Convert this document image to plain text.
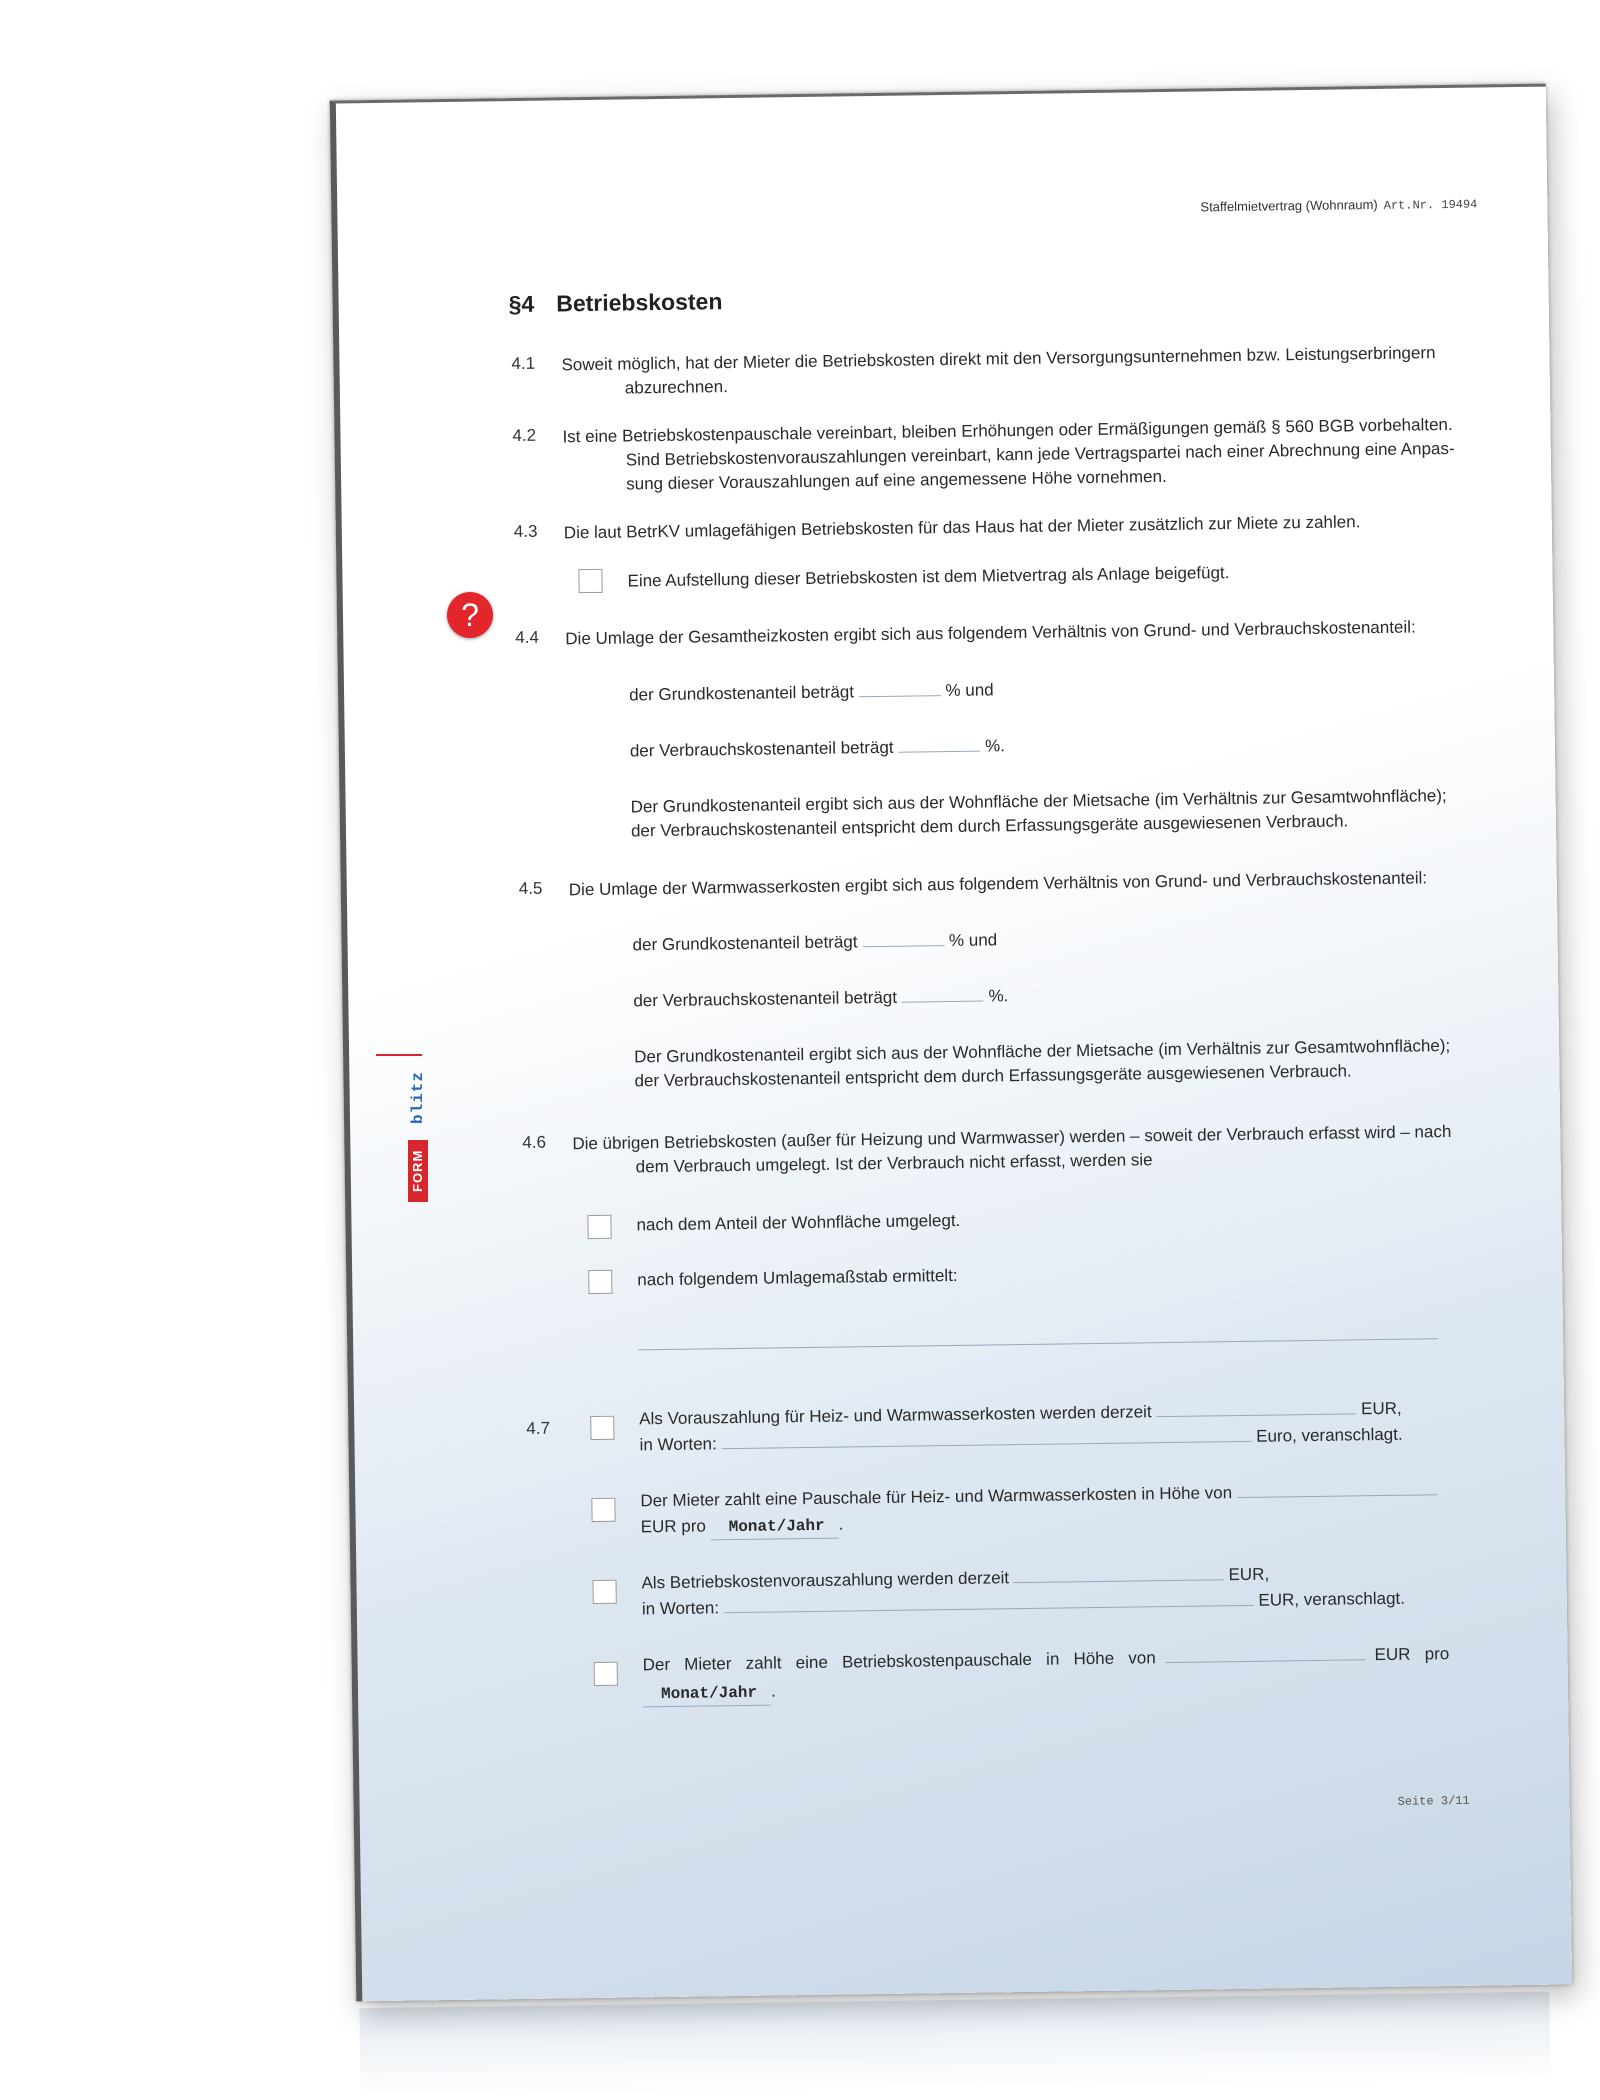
Staffelmietvertrag (Wohnraum) Art.Nr. 19494
§4 Betriebskosten
4.1 Soweit möglich, hat der Mieter die Betriebskosten direkt mit den Versorgungsunternehmen bzw. Leistungserbringern
abzurechnen.
4.2 Ist eine Betriebskostenpauschale vereinbart, bleiben Erhöhungen oder Ermäßigungen gemäß § 560 BGB vorbehalten.
Sind Betriebskostenvorauszahlungen vereinbart, kann jede Vertragspartei nach einer Abrechnung eine Anpas-
sung dieser Vorauszahlungen auf eine angemessene Höhe vornehmen.
4.3 Die laut BetrKV umlagefähigen Betriebskosten für das Haus hat der Mieter zusätzlich zur Miete zu zahlen.
Eine Aufstellung dieser Betriebskosten ist dem Mietvertrag als Anlage beigefügt.
4.4 Die Umlage der Gesamtheizkosten ergibt sich aus folgendem Verhältnis von Grund- und Verbrauchskostenanteil:
der Grundkostenanteil beträgt	% und
der Verbrauchskostenanteil beträgt	%.
Der Grundkostenanteil ergibt sich aus der Wohnfläche der Mietsache (im Verhältnis zur Gesamtwohnfläche);
der Verbrauchskostenanteil entspricht dem durch Erfassungsgeräte ausgewiesenen Verbrauch.
4.5 Die Umlage der Warmwasserkosten ergibt sich aus folgendem Verhältnis von Grund- und Verbrauchskostenanteil:
der Grundkostenanteil beträgt	% und
der Verbrauchskostenanteil beträgt	%.
Der Grundkostenanteil ergibt sich aus der Wohnfläche der Mietsache (im Verhältnis zur Gesamtwohnfläche);
der Verbrauchskostenanteil entspricht dem durch Erfassungsgeräte ausgewiesenen Verbrauch.
4.6 Die übrigen Betriebskosten (außer für Heizung und Warmwasser) werden – soweit der Verbrauch erfasst wird – nach
dem Verbrauch umgelegt. Ist der Verbrauch nicht erfasst, werden sie
nach dem Anteil der Wohnfläche umgelegt.
nach folgendem Umlagemaßstab ermittelt:
4.7	Als Vorauszahlung für Heiz- und Warmwasserkosten werden derzeit	EUR,
in Worten:	Euro, veranschlagt.
Der Mieter zahlt eine Pauschale für Heiz- und Warmwasserkosten in Höhe von
EUR pro Monat/Jahr .
Als Betriebskostenvorauszahlung werden derzeit	EUR,
in Worten:	EUR, veranschlagt.
Der   Mieter   zahlt   eine   Betriebskostenpauschale   in   Höhe   von	EUR   pro
Monat/Jahr .
Seite 3/11
?
blitz
FORM
